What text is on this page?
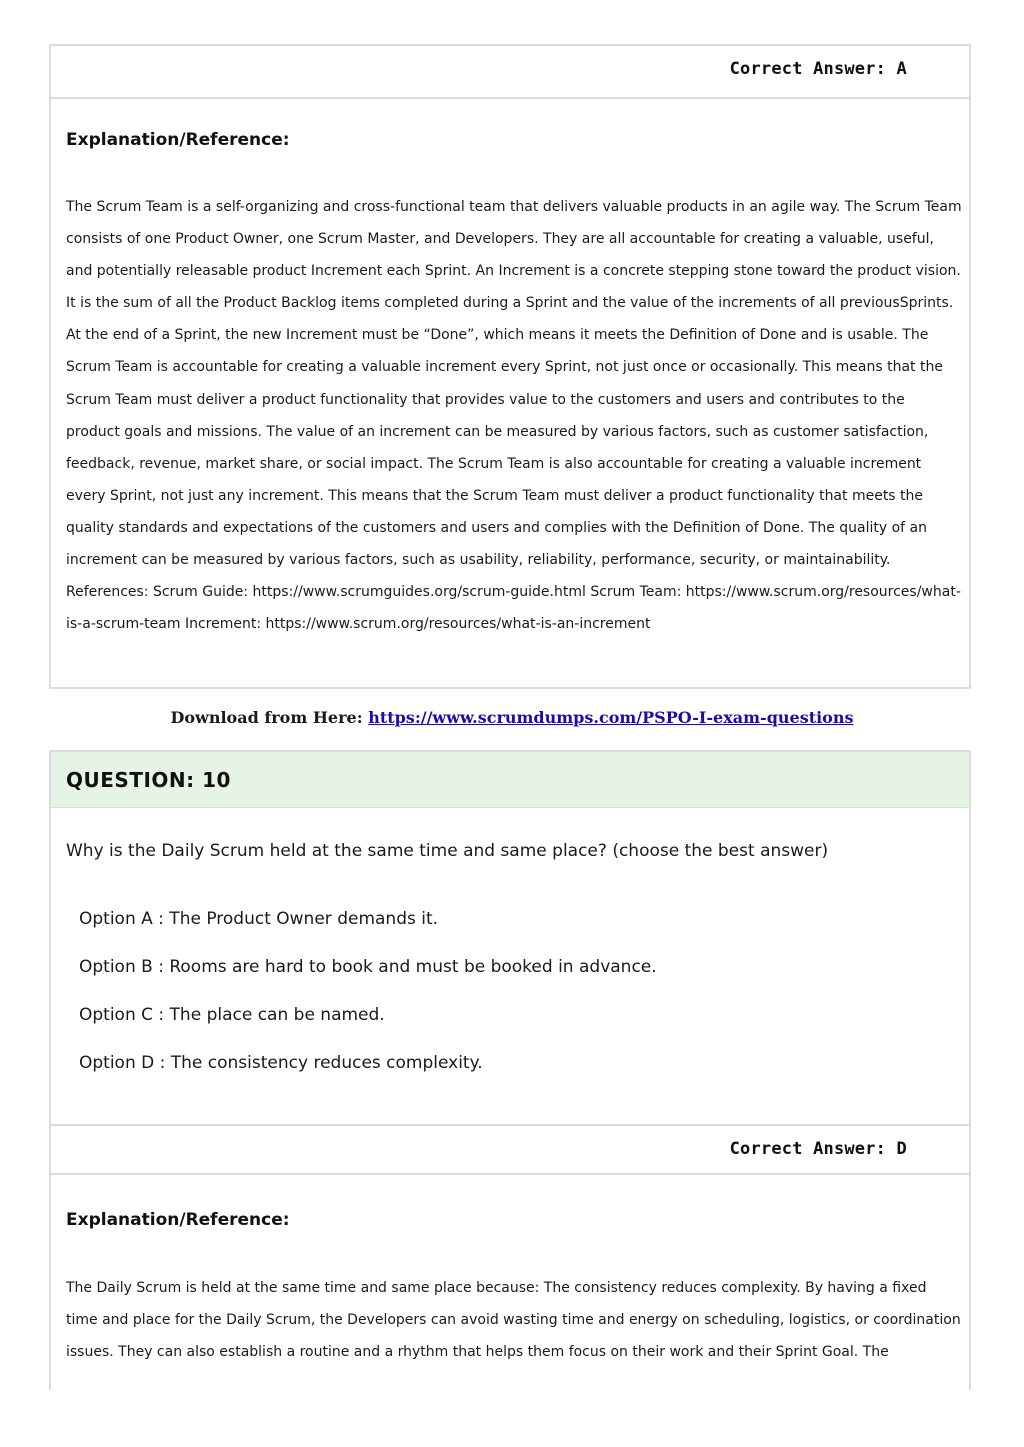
Correct Answer: A
Explanation/Reference:
The Scrum Team is a self-organizing and cross-functional team that delivers valuable products in an agile way. The Scrum Team consists of one Product Owner, one Scrum Master, and Developers. They are all accountable for creating a valuable, useful, and potentially releasable product Increment each Sprint. An Increment is a concrete stepping stone toward the product vision. It is the sum of all the Product Backlog items completed during a Sprint and the value of the increments of all previousSprints. At the end of a Sprint, the new Increment must be “Done”, which means it meets the Definition of Done and is usable. The Scrum Team is accountable for creating a valuable increment every Sprint, not just once or occasionally. This means that the Scrum Team must deliver a product functionality that provides value to the customers and users and contributes to the product goals and missions. The value of an increment can be measured by various factors, such as customer satisfaction, feedback, revenue, market share, or social impact. The Scrum Team is also accountable for creating a valuable increment every Sprint, not just any increment. This means that the Scrum Team must deliver a product functionality that meets the quality standards and expectations of the customers and users and complies with the Definition of Done. The quality of an increment can be measured by various factors, such as usability, reliability, performance, security, or maintainability. References: Scrum Guide: https://www.scrumguides.org/scrum-guide.html Scrum Team: https://www.scrum.org/resources/what-is-a-scrum-team Increment: https://www.scrum.org/resources/what-is-an-increment
Download from Here: https://www.scrumdumps.com/PSPO-I-exam-questions
QUESTION: 10
Why is the Daily Scrum held at the same time and same place? (choose the best answer)
Option A : The Product Owner demands it.
Option B : Rooms are hard to book and must be booked in advance.
Option C : The place can be named.
Option D : The consistency reduces complexity.
Correct Answer: D
Explanation/Reference:
The Daily Scrum is held at the same time and same place because: The consistency reduces complexity. By having a fixed time and place for the Daily Scrum, the Developers can avoid wasting time and energy on scheduling, logistics, or coordination issues. They can also establish a routine and a rhythm that helps them focus on their work and their Sprint Goal. The
